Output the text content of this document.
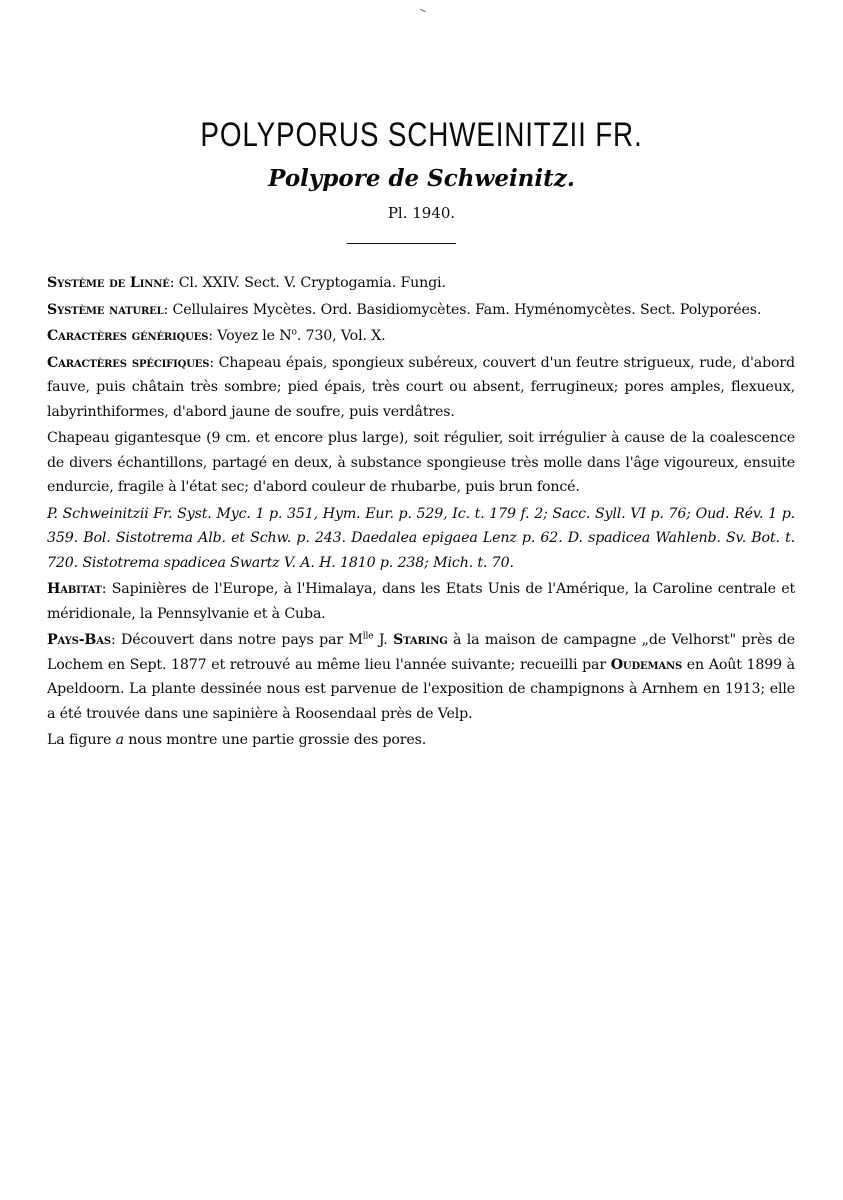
POLYPORUS SCHWEINITZII FR.
Polypore de Schweinitz.
Pl. 1940.

Système de Linné: Cl. XXIV. Sect. V. Cryptogamia. Fungi.

Système naturel: Cellulaires Mycètes. Ord. Basidiomycètes. Fam. Hyménomycètes. Sect. Polyporées.

Caractères génériques: Voyez le $N^o$. 730, Vol. X.

Caractères spécifiques: Chapeau épais, spongieux subéreux, couvert d'un feutre strigueux, rude, d'abord fauve, puis châtain très sombre; pied épais, très court ou absent, ferrugineux; pores amples, flexueux, labyrinthiformes, d'abord jaune de soufre, puis verdâtres.

Chapeau gigantesque (9 cm. et encore plus large), soit régulier, soit irrégulier à cause de la coalescence de divers échantillons, partagé en deux, à substance spongieuse très molle dans l'âge vigoureux, ensuite endurcie, fragile à l'état sec; d'abord couleur de rhubarbe, puis brun foncé.

P. Schweinitzii Fr. Syst. Myc. 1 p. 351, Hym. Eur. p. 529, Ic. t. 179 f. 2; Sacc. Syll. VI p. 76; Oud. Rév. 1 p. 359. Bol. Sistotrema Alb. et Schw. p. 243. Daedalea epigaea Lenz p. 62. D. spadicea Wahlenb. Sv. Bot. t. 720. Sistotrema spadicea Swartz V. A. H. 1810 p. 238; Mich. t. 70.

Habitat: Sapinières de l'Europe, à l'Himalaya, dans les Etats Unis de l'Amérique, la Caroline centrale et méridionale, la Pennsylvanie et à Cuba.

Pays-Bas: Découvert dans notre pays par $M^{lle}$ J. Staring à la maison de campagne „de Velhorst" près de Lochem en Sept. 1877 et retrouvé au même lieu l'année suivante; recueilli par Oudemans en Août 1899 à Apeldoorn. La plante dessinée nous est parvenue de l'exposition de champignons à Arnhem en 1913; elle a été trouvée dans une sapinière à Roosendaal près de Velp.

La figure a nous montre une partie grossie des pores.
